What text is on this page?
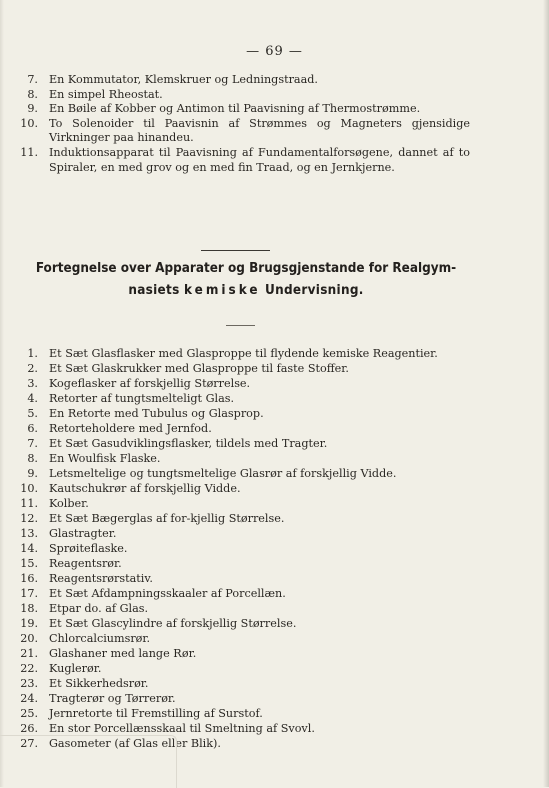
— 69 —
7. En Kommutator, Klemskruer og Ledningstraad.
8. En simpel Rheostat.
9. En Bøile af Kobber og Antimon til Paavisning af Thermostrømme.
10. To Solenoider til Paavisnin af Strømmes og Magneters gjensidige Virkninger paa hinandeu.
11. Induktionsapparat til Paavisning af Fundamentalforsøgene, dannet af to Spiraler, en med grov og en med fin Traad, og en Jernkjerne.
Fortegnelse over Apparater og Brugsgjenstande for Realgym-
nasiets kemiske Undervisning.
1. Et Sæt Glasflasker med Glasproppe til flydende kemiske Reagentier.
2. Et Sæt Glaskrukker med Glasproppe til faste Stoffer.
3. Kogeflasker af forskjellig Størrelse.
4. Retorter af tungtsmelteligt Glas.
5. En Retorte med Tubulus og Glasprop.
6. Retorteholdere med Jernfod.
7. Et Sæt Gasudviklingsflasker, tildels med Tragter.
8. En Woulfisk Flaske.
9. Letsmeltelige og tungtsmeltelige Glasrør af forskjellig Vidde.
10. Kautschukrør af forskjellig Vidde.
11. Kolber.
12. Et Sæt Bægerglas af for-kjellig Størrelse.
13. Glastragter.
14. Sprøiteflaske.
15. Reagentsrør.
16. Reagentsrørstativ.
17. Et Sæt Afdampningsskaaler af Porcellæn.
18. Etpar do. af Glas.
19. Et Sæt Glascylindre af forskjellig Størrelse.
20. Chlorcalciumsrør.
21. Glashaner med lange Rør.
22. Kuglerør.
23. Et Sikkerhedsrør.
24. Tragterør og Tørrerør.
25. Jernretorte til Fremstilling af Surstof.
26. En stor Porcellænsskaal til Smeltning af Svovl.
27. Gasometer (af Glas eller Blik).
